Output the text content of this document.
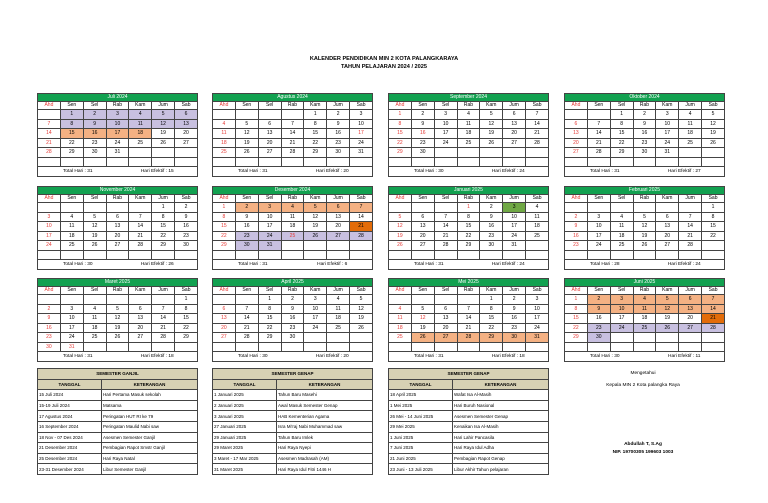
KALENDER PENDIDIKAN MIN 2 KOTA PALANGKARAYA
TAHUN PELAJARAN 2024 / 2025
Juli 2024						
Ahd	Sen	Sel	Rab	Kam	Jum	Sab
	1	2	3	4	5	6
7	8	9	10	11	12	13
14	15	16	17	18	19	20
21	22	23	24	25	26	27
28	29	30	31			

Total Hari : 31	Hari Efektif : 15
Agustus 2024						
Ahd	Sen	Sel	Rab	Kam	Jum	Sab
				1	2	3
4	5	6	7	8	9	10
11	12	13	14	15	16	17
18	19	20	21	22	23	24
25	26	27	28	29	30	31

Total Hari : 31	Hari Efektif : 20
September 2024						
Ahd	Sen	Sel	Rab	Kam	Jum	Sab
1	2	3	4	5	6	7
8	9	10	11	12	13	14
15	16	17	18	19	20	21
22	23	24	25	26	27	28
29	30					

Total Hari : 30	Hari Efektif : 24
Oktober 2024						
Ahd	Sen	Sel	Rab	Kam	Jum	Sab
		1	2	3	4	5
6	7	8	9	10	11	12
13	14	15	16	17	18	19
20	21	22	23	24	25	26
27	28	29	30	31		

Total Hari : 31	Hari Efektif : 27
November 2024						
Ahd	Sen	Sel	Rab	Kam	Jum	Sab
					1	2
3	4	5	6	7	8	9
10	11	12	13	14	15	16
17	18	19	20	21	22	23
24	25	26	27	28	29	30

Total Hari : 30	Hari Efektif : 26
Desember 2024						
Ahd	Sen	Sel	Rab	Kam	Jum	Sab
1	2	3	4	5	6	7
8	9	10	11	12	13	14
15	16	17	18	19	20	21
22	23	24	25	26	27	28
29	30	31				

Total Hari : 31	Hari Efektif : 6
Januari 2025						
Ahd	Sen	Sel	Rab	Kam	Jum	Sab
			1	2	3	4
5	6	7	8	9	10	11
12	13	14	15	16	17	18
19	20	21	22	23	24	25
26	27	28	29	30	31	

Total Hari : 31	Hari Efektif : 24
Februari 2025						
Ahd	Sen	Sel	Rab	Kam	Jum	Sab
						1
2	3	4	5	6	7	8
9	10	11	12	13	14	15
16	17	18	19	20	21	22
23	24	25	26	27	28	

Total Hari : 28	Hari Efektif : 24
Maret 2025						
Ahd	Sen	Sel	Rab	Kam	Jum	Sab
						1
2	3	4	5	6	7	8
9	10	11	12	13	14	15
16	17	18	19	20	21	22
23	24	25	26	27	28	29
30	31					
Total Hari : 31	Hari Efektif : 18
April 2025						
Ahd	Sen	Sel	Rab	Kam	Jum	Sab
		1	2	3	4	5
6	7	8	9	10	11	12
13	14	15	16	17	18	19
20	21	22	23	24	25	26
27	28	29	30			

Total Hari : 30	Hari Efektif : 20
Mei 2025						
Ahd	Sen	Sel	Rab	Kam	Jum	Sab
				1	2	3
4	5	6	7	8	9	10
11	12	13	14	15	16	17
18	19	20	21	22	23	24
25	26	27	28	29	30	31

Total Hari : 31	Hari Efektif : 18
Juni 2025						
Ahd	Sen	Sel	Rab	Kam	Jum	Sab
1	2	3	4	5	6	7
8	9	10	11	12	13	14
15	16	17	18	19	20	21
22	23	24	25	26	27	28
29	30					

Total Hari : 30	Hari Efektif : 11
SEMESTER GANJIL	
TANGGAL	KETERANGAN
15 Juli 2024	Hari Pertama Masuk sekolah
15-19 Juli 2024	Matsama
17 Agustus 2024	Peringatan HUT RI ke 79
16 September 2024	Peringatan Maulid Nabi saw
18 Nov - 07 Des 2024	Asesmen Semester Ganjil
21 Desember 2024	Pembagian Rapot Smstr Ganjil
25 Desember 2024	Hari Raya Natal
23-31 Desember 2024	Libur Semester Ganjil
SEMESTER GENAP	
TANGGAL	KETERANGAN
1 Januari 2025	Tahun Baru Masehi
2 Januari 2025	Awal Masuk Semester Genap
3 Januari 2025	HAB Kementerian Agama
27 Januari 2025	Isra Mi'raj Nabi Muhammad saw
29 Januari 2025	Tahun Baru Imlek
29 Maret 2025	Hari Raya Nyepi
3 Maret - 17 Mar 2025	Asesmen Madrasah (AM)
31 Maret 2025	Hari Raya Idul Fitri 1446 H
SEMESTER GENAP	
TANGGAL	KETERANGAN
18 April 2025	Wafat Isa Al-Masih
1 Mei 2025	Hari Buruh Nasional
26 Mei - 14 Juni 2025	Asesmen Semester Genap
29 Mei 2025	Kenaikan Isa Al-Masih
1 Juni 2025	Hari Lahir Pancasila
7 Juni 2025	Hari Raya Idul Adha
21 Juni 2025	Pembagian Rapot Genap
23 Juni - 13 Juli 2025	Libur Akhir Tahun pelajaran
Mengetahui
Kepala MIN 2 Kota palangka Raya
Abdullah T, S.Ag
NIP. 19700305 199603 1003
